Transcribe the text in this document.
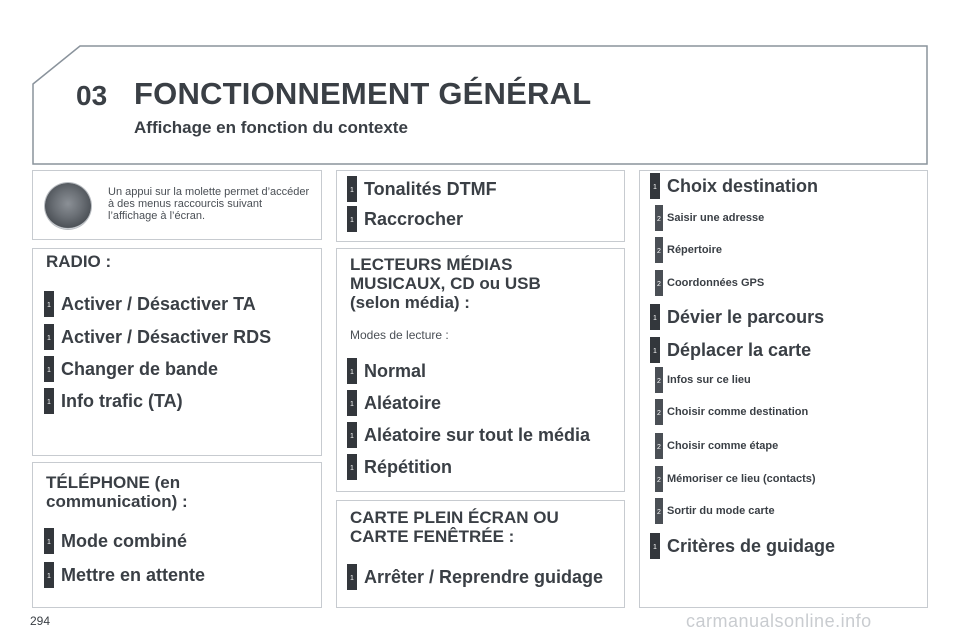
03 FONCTIONNEMENT GÉNÉRAL
Affichage en fonction du contexte
Un appui sur la molette permet d’accéder à des menus raccourcis suivant l’affichage à l’écran.
RADIO :
1 Activer / Désactiver TA
1 Activer / Désactiver RDS
1 Changer de bande
1 Info trafic (TA)
TÉLÉPHONE (en
communication) :
1 Mode combiné
1 Mettre en attente
1 Tonalités DTMF
1 Raccrocher
LECTEURS MÉDIAS
MUSICAUX, CD ou USB
(selon média) :
Modes de lecture :
1 Normal
1 Aléatoire
1 Aléatoire sur tout le média
1 Répétition
CARTE PLEIN ÉCRAN OU
CARTE FENÊTRÉE :
1 Arrêter / Reprendre guidage
1 Choix destination
2 Saisir une adresse
2 Répertoire
2 Coordonnées GPS
1 Dévier le parcours
1 Déplacer la carte
2 Infos sur ce lieu
2 Choisir comme destination
2 Choisir comme étape
2 Mémoriser ce lieu (contacts)
2 Sortir du mode carte
1 Critères de guidage
294	carmanualsonline.info
